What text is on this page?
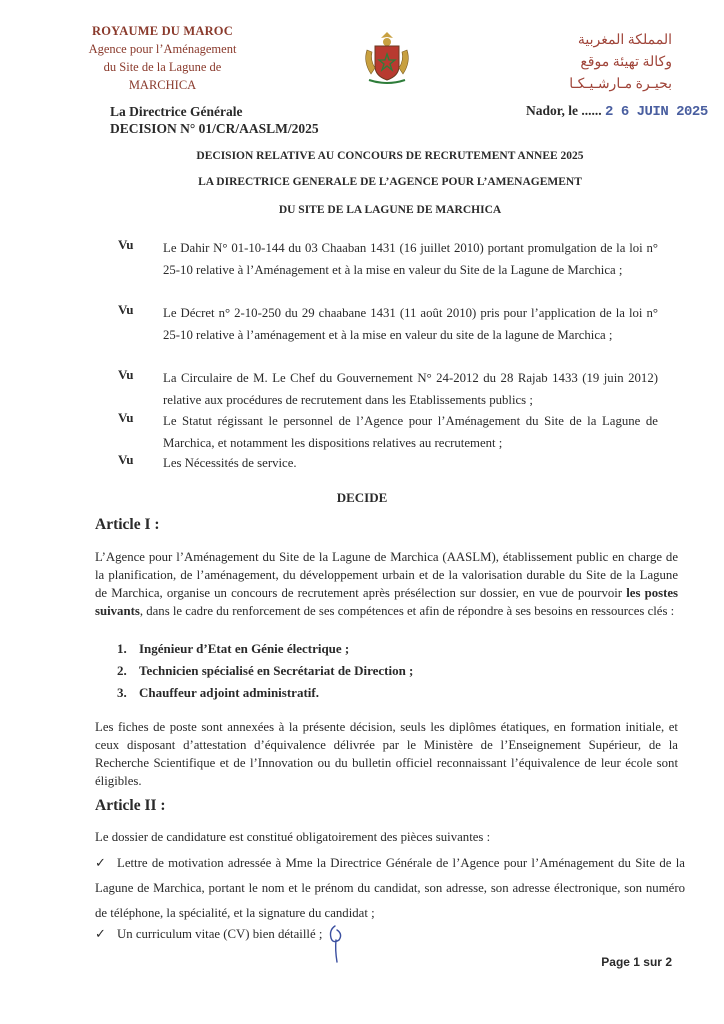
ROYAUME DU MAROC
Agence pour l’Aménagement
du Site de la Lagune de
MARCHICA
المملكة المغربية
وكالة تهيئة موقع
بحيـرة مـارشـيـكـا
La Directrice Générale
DECISION N° 01/CR/AASLM/2025
Nador, le ...... 2 6 JUIN 2025
DECISION RELATIVE AU CONCOURS DE RECRUTEMENT ANNEE 2025
LA DIRECTRICE GENERALE DE L’AGENCE POUR L’AMENAGEMENT
DU SITE DE LA LAGUNE DE MARCHICA
Vu Le Dahir N° 01-10-144 du 03 Chaaban 1431 (16 juillet 2010) portant promulgation de la loi n° 25-10 relative à l’Aménagement et à la mise en valeur du Site de la Lagune de Marchica ;
Vu Le Décret n° 2-10-250 du 29 chaabane 1431 (11 août 2010) pris pour l’application de la loi n° 25-10 relative à l’aménagement et à la mise en valeur du site de la lagune de Marchica ;
Vu La Circulaire de M. Le Chef du Gouvernement N° 24-2012 du 28 Rajab 1433 (19 juin 2012) relative aux procédures de recrutement dans les Etablissements publics ;
Vu Le Statut régissant le personnel de l’Agence pour l’Aménagement du Site de la Lagune de Marchica, et notamment les dispositions relatives au recrutement ;
Vu Les Nécessités de service.
DECIDE
Article I :
L’Agence pour l’Aménagement du Site de la Lagune de Marchica (AASLM), établissement public en charge de la planification, de l’aménagement, du développement urbain et de la valorisation durable du Site de la Lagune de Marchica, organise un concours de recrutement après présélection sur dossier, en vue de pourvoir les postes suivants, dans le cadre du renforcement de ses compétences et afin de répondre à ses besoins en ressources clés :
1. Ingénieur d’Etat en Génie électrique ;
2. Technicien spécialisé en Secrétariat de Direction ;
3. Chauffeur adjoint administratif.
Les fiches de poste sont annexées à la présente décision, seuls les diplômes étatiques, en formation initiale, et ceux disposant d’attestation d’équivalence délivrée par le Ministère de l’Enseignement Supérieur, de la Recherche Scientifique et de l’Innovation ou du bulletin officiel reconnaissant l’équivalence de leur école sont éligibles.
Article II :
Le dossier de candidature est constitué obligatoirement des pièces suivantes :
✓ Lettre de motivation adressée à Mme la Directrice Générale de l’Agence pour l’Aménagement du Site de la Lagune de Marchica, portant le nom et le prénom du candidat, son adresse, son adresse électronique, son numéro de téléphone, la spécialité, et la signature du candidat ;
✓ Un curriculum vitae (CV) bien détaillé ;
Page 1 sur 2
